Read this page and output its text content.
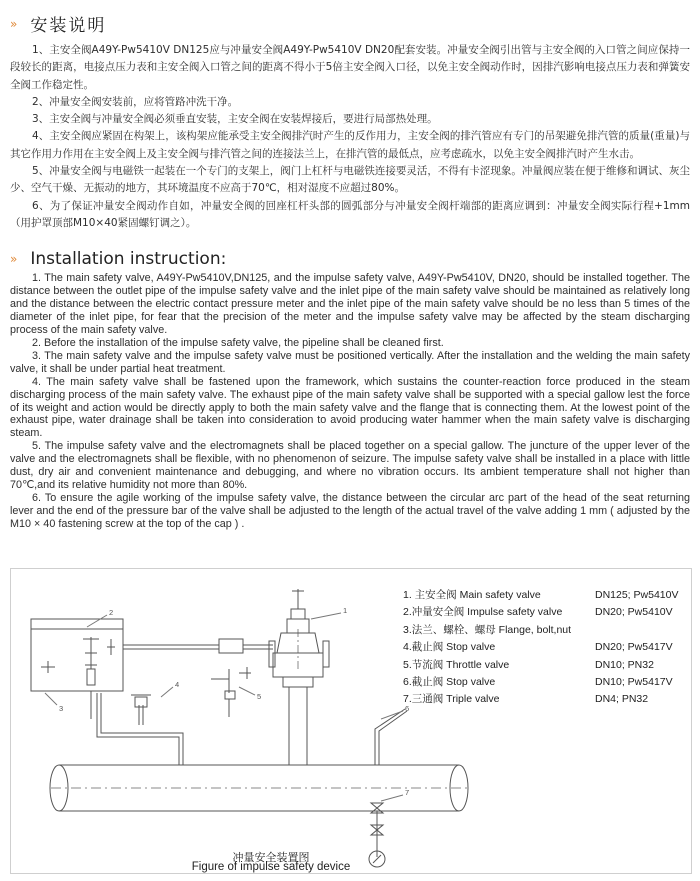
» 安装说明

1、主安全阀A49Y-Pw5410V DN125应与冲量安全阀A49Y-Pw5410V DN20配套安装。冲量安全阀引出管与主安全阀的入口管之间应保持一段较长的距离，电接点压力表和主安全阀入口管之间的距离不得小于5倍主安全阀入口径，以免主安全阀动作时，因排汽影响电接点压力表和弹簧安全阀工作稳定性。

2、冲量安全阀安装前，应将管路冲洗干净。

3、主安全阀与冲量安全阀必须垂直安装，主安全阀在安装焊接后，要进行局部热处理。

4、主安全阀应紧固在构架上，该构架应能承受主安全阀排汽时产生的反作用力，主安全阀的排汽管应有专门的吊架避免排汽管的质量(重量)与其它作用力作用在主安全阀上及主安全阀与排汽管之间的连接法兰上，在排汽管的最低点，应考虑疏水，以免主安全阀排汽时产生水击。

5、冲量安全阀与电磁铁一起装在一个专门的支架上，阀门上杠杆与电磁铁连接要灵活，不得有卡涩现象。冲量阀应装在便于维修和调试、灰尘少、空气干燥、无振动的地方，其环境温度不应高于70℃，相对湿度不应超过80%。

6、为了保证冲量安全阀动作自如，冲量安全阀的回座杠杆头部的圆弧部分与冲量安全阀杆端部的距离应调到：冲量安全阀实际行程+1mm（用护罩顶部M10×40紧固螺钉调之）。

» Installation instruction:

1. The main safety valve, A49Y-Pw5410V,DN125, and the impulse safety valve, A49Y-Pw5410V, DN20, should be installed together. The distance between the outlet pipe of the impulse safety valve and the inlet pipe of the main safety valve should be maintained as relatively long and the distance between the electric contact pressure meter and the inlet pipe of the main safety valve should be no less than 5 times of the diameter of the inlet pipe, for fear that the precision of the meter and the impulse safety valve may be affected by the steam discharging process of the main safety valve.

2. Before the installation of the impulse safety valve, the pipeline shall be cleaned first.

3. The main safety valve and the impulse safety valve must be positioned vertically. After the installation and the welding the main safety valve, it shall be under partial heat treatment.

4. The main safety valve shall be fastened upon the framework, which sustains the counter-reaction force produced in the steam discharging process of the main safety valve. The exhaust pipe of the main safety valve shall be supported with a special gallow lest the force of its weight and action would be directly apply to both the main safety valve and the flange that is connecting them. At the lowest point of the exhaust pipe, water drainage shall be taken into consideration to avoid producing water hammer when the main safety valve is discharging steam.

5. The impulse safety valve and the electromagnets shall be placed together on a special gallow. The juncture of the upper lever of the valve and the electromagnets shall be flexible, with no phenomenon of seizure. The impulse safety valve shall be installed in a place with little dust, dry air and convenient maintenance and debugging, and where no vibration occurs. Its ambient temperature shall not higher than 70℃,and its relative humidity not more than 80%.

6. To ensure the agile working of the impulse safety valve, the distance between the circular arc part of the head of the seat returning lever and the end of the pressure bar of the valve shall be adjusted to the length of the actual travel of the valve adding 1 mm ( adjusted by the M10 × 40 fastening screw at the top of the cap ) .

2
3
4
5
1
6
7
1. 主安全阀 Main safety valve	DN125; Pw5410V
2.冲量安全阀 Impulse safety valve	DN20; Pw5410V
3.法兰、螺栓、螺母 Flange, bolt,nut
4.截止阀 Stop valve	DN20; Pw5417V
5.节流阀 Throttle valve	DN10; PN32
6.截止阀 Stop valve	DN10; Pw5417V
7.三通阀 Triple valve	DN4; PN32
冲量安全装置图
Figure of impulse safety device
